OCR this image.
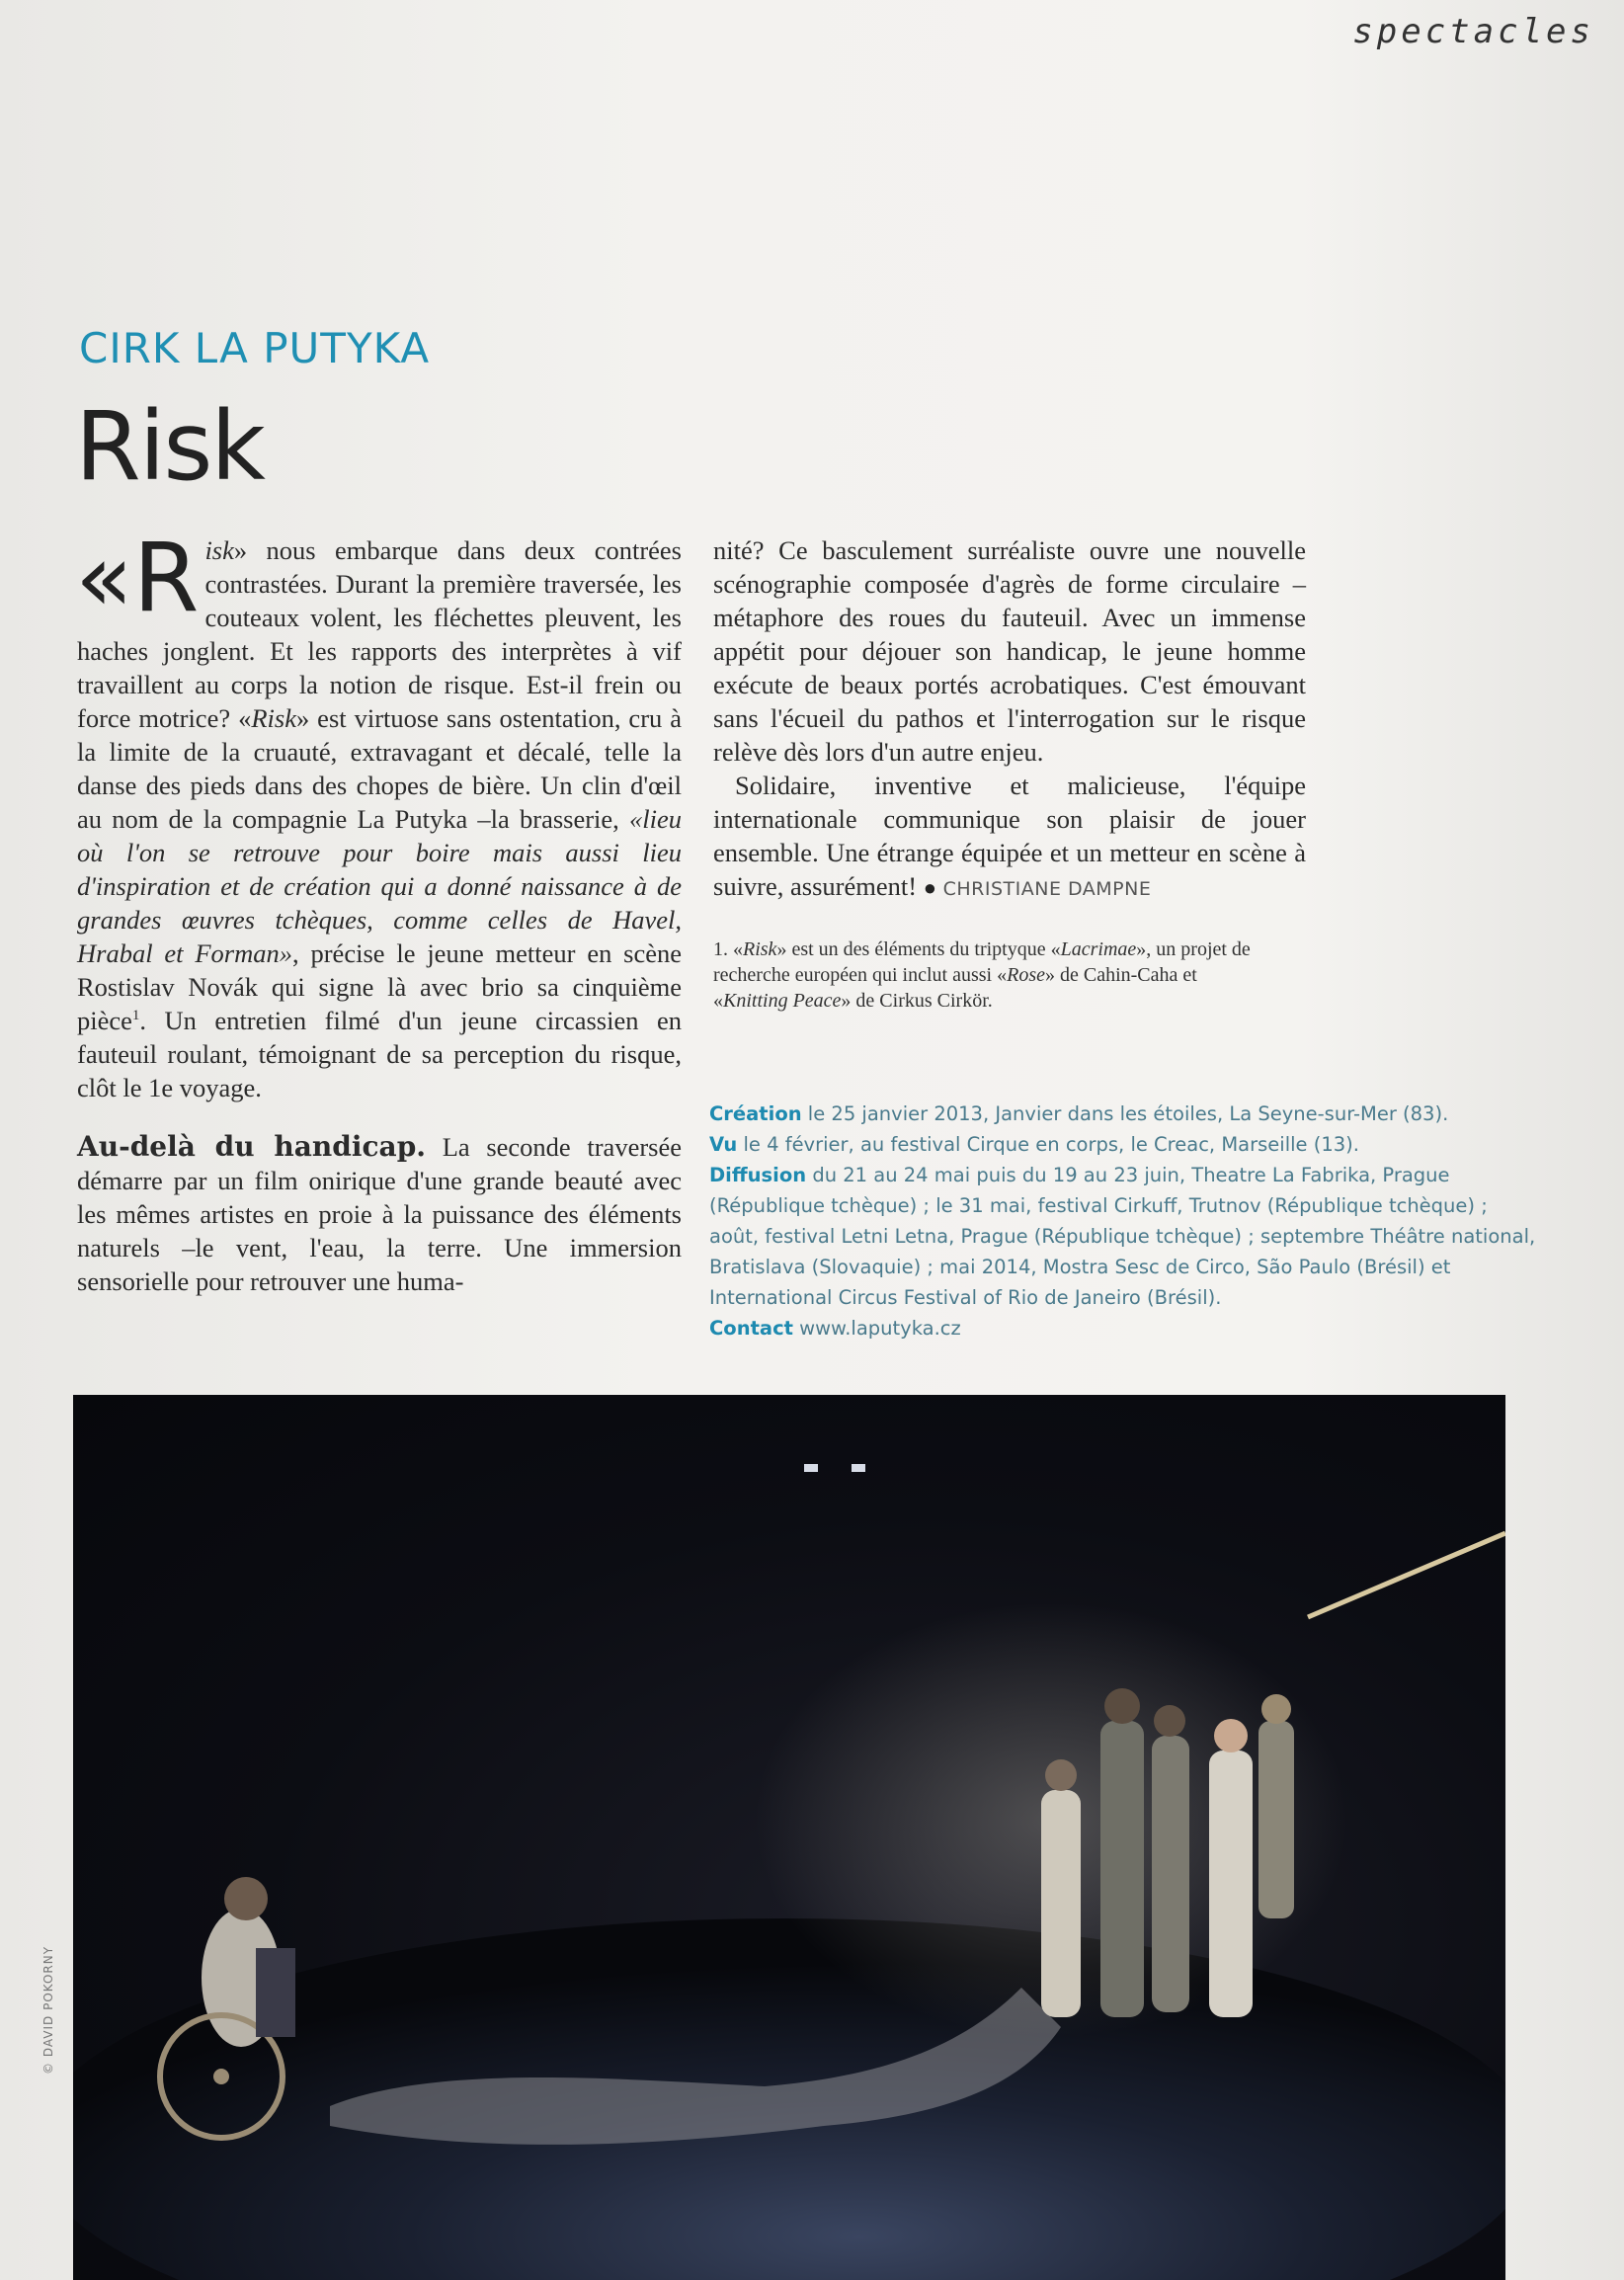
spectacles
CIRK LA PUTYKA
Risk

«R isk» nous embarque dans deux contrées contrastées. Durant la première traversée, les couteaux volent, les fléchettes pleuvent, les haches jonglent. Et les rapports des interprètes à vif travaillent au corps la notion de risque. Est-il frein ou force motrice? «Risk» est virtuose sans ostentation, cru à la limite de la cruauté, extravagant et décalé, telle la danse des pieds dans des chopes de bière. Un clin d'œil au nom de la compagnie La Putyka –la brasserie, «lieu où l'on se retrouve pour boire mais aussi lieu d'inspiration et de création qui a donné naissance à de grandes œuvres tchèques, comme celles de Havel, Hrabal et Forman», précise le jeune metteur en scène Rostislav Novák qui signe là avec brio sa cinquième pièce$^1$. Un entretien filmé d'un jeune circassien en fauteuil roulant, témoignant de sa perception du risque, clôt le 1e voyage.

Au-delà du handicap. La seconde traversée démarre par un film onirique d'une grande beauté avec les mêmes artistes en proie à la puissance des éléments naturels –le vent, l'eau, la terre. Une immersion sensorielle pour retrouver une huma-

nité? Ce basculement surréaliste ouvre une nouvelle scénographie composée d'agrès de forme circulaire –métaphore des roues du fauteuil. Avec un immense appétit pour déjouer son handicap, le jeune homme exécute de beaux portés acrobatiques. C'est émouvant sans l'écueil du pathos et l'interrogation sur le risque relève dès lors d'un autre enjeu.

Solidaire, inventive et malicieuse, l'équipe internationale communique son plaisir de jouer ensemble. Une étrange équipée et un metteur en scène à suivre, assurément! ● CHRISTIANE DAMPNE

1. «Risk» est un des éléments du triptyque «Lacrimae», un projet de recherche européen qui inclut aussi «Rose» de Cahin-Caha et «Knitting Peace» de Cirkus Cirkör.

Création le 25 janvier 2013, Janvier dans les étoiles, La Seyne-sur-Mer (83).

Vu le 4 février, au festival Cirque en corps, le Creac, Marseille (13).

Diffusion du 21 au 24 mai puis du 19 au 23 juin, Theatre La Fabrika, Prague (République tchèque) ; le 31 mai, festival Cirkuff, Trutnov (République tchèque) ; août, festival Letni Letna, Prague (République tchèque) ; septembre Théâtre national, Bratislava (Slovaquie) ; mai 2014, Mostra Sesc de Circo, São Paulo (Brésil) et International Circus Festival of Rio de Janeiro (Brésil).

Contact www.laputyka.cz

© DAVID POKORNY
